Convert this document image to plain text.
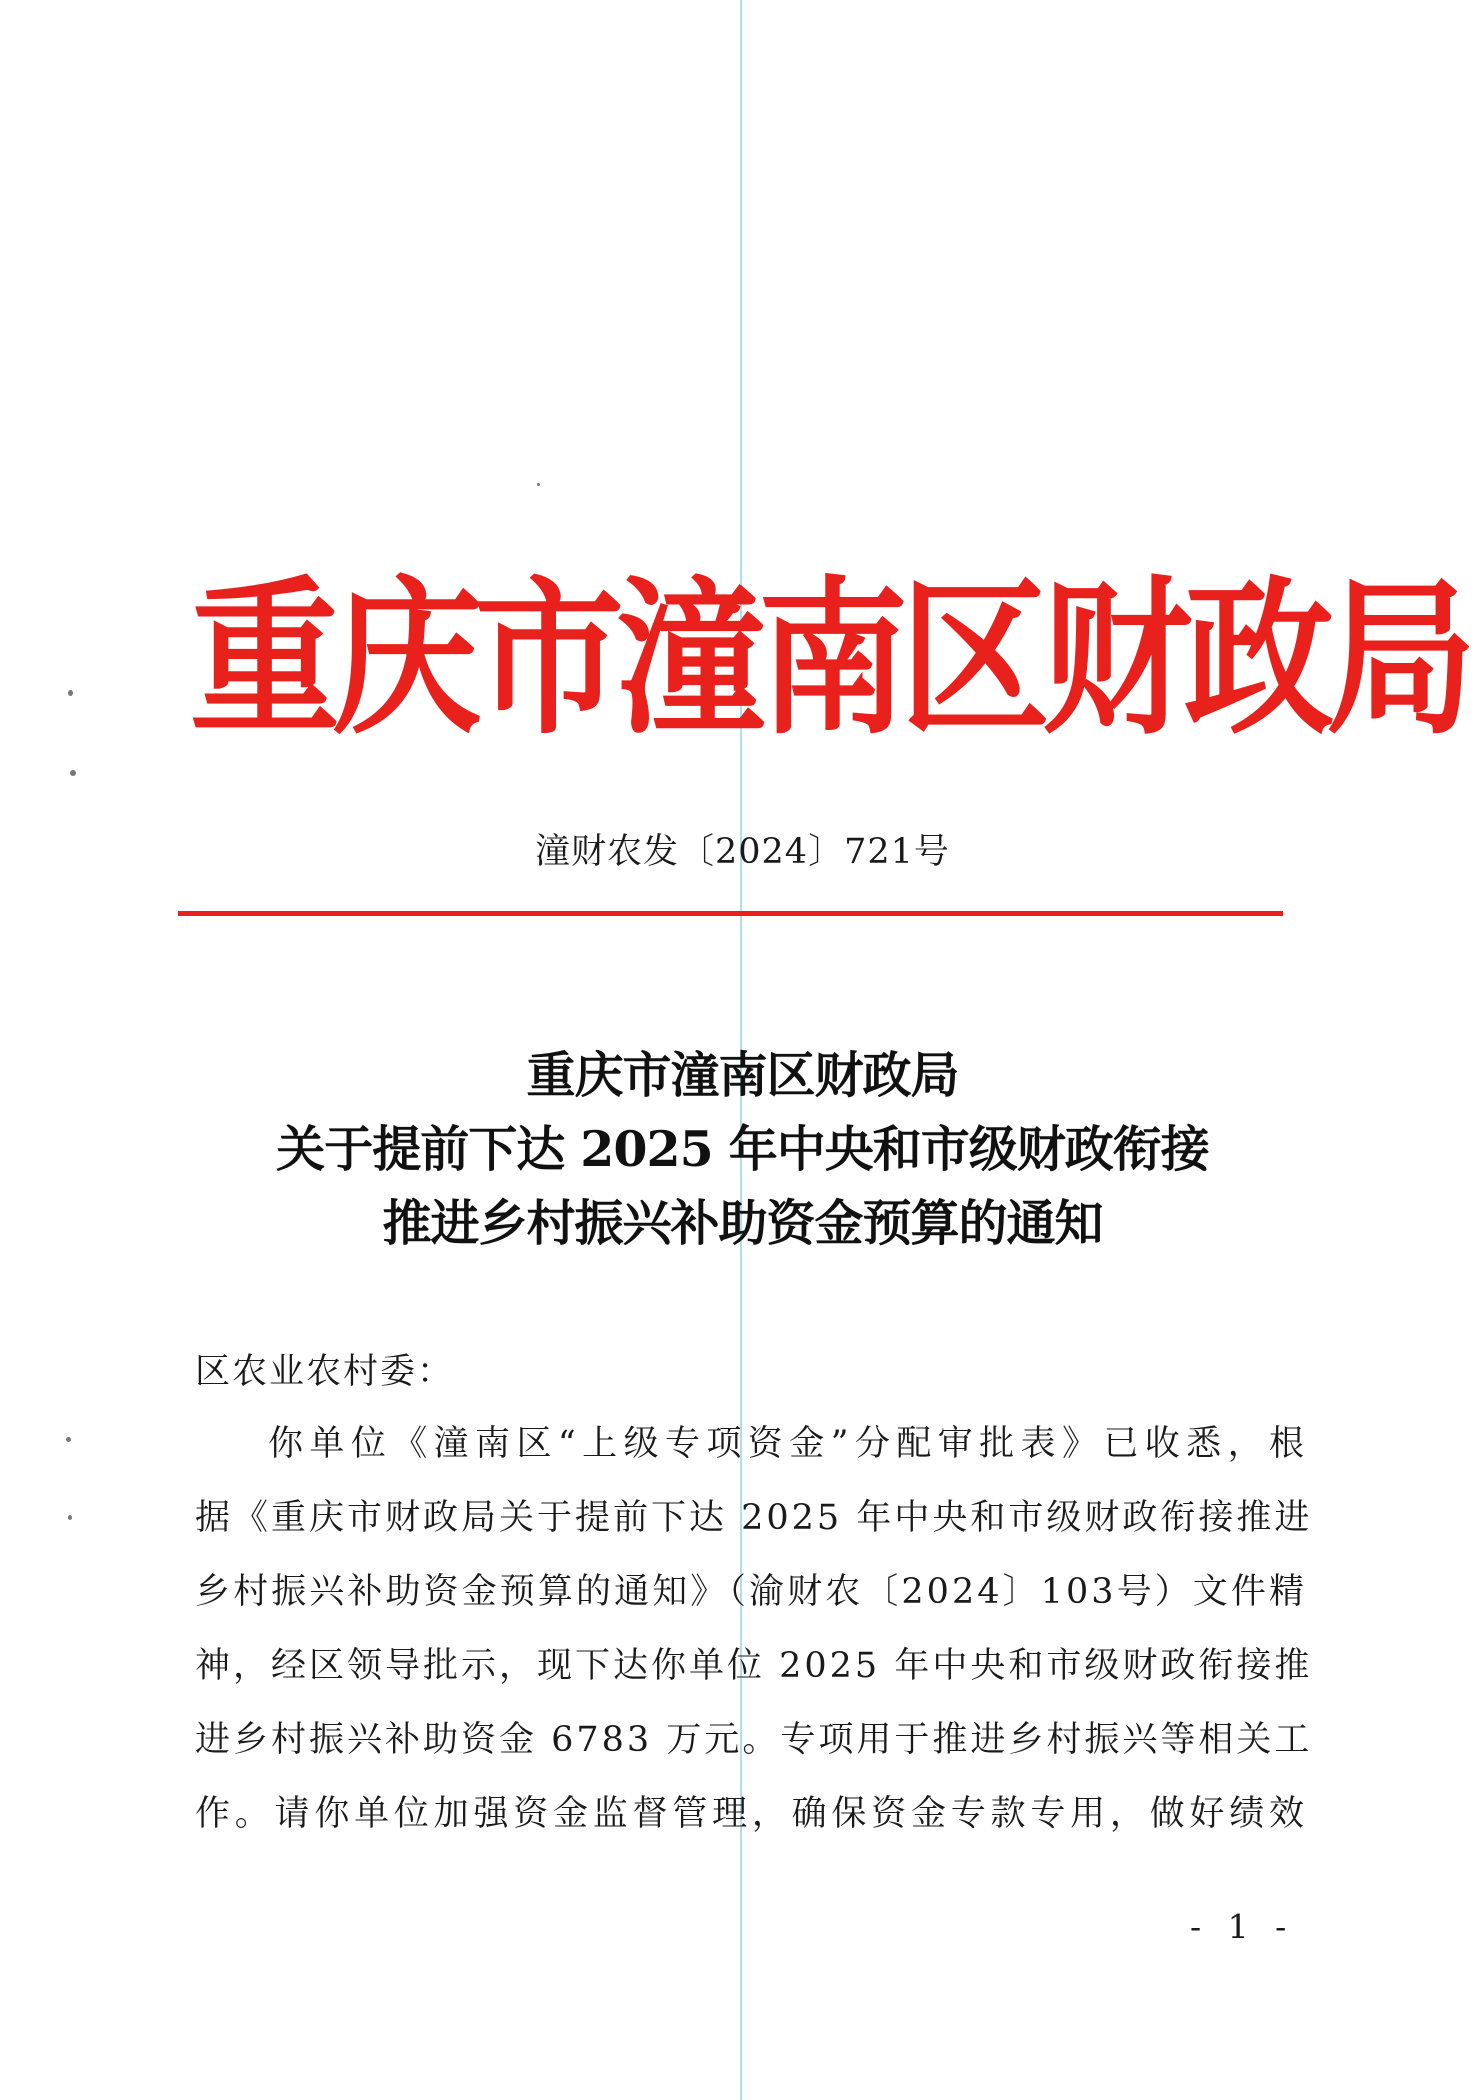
重庆市潼南区财政局
潼财农发〔2024〕721号
重庆市潼南区财政局
关于提前下达 2025 年中央和市级财政衔接
推进乡村振兴补助资金预算的通知
区农业农村委：
你单位《潼南区“上级专项资金”分配审批表》已收悉，根
据《重庆市财政局关于提前下达 2025 年中央和市级财政衔接推进
乡村振兴补助资金预算的通知》（渝财农〔2024〕103号）文件精
神，经区领导批示，现下达你单位 2025 年中央和市级财政衔接推
进乡村振兴补助资金 6783 万元。专项用于推进乡村振兴等相关工
作。请你单位加强资金监督管理，确保资金专款专用，做好绩效
- 1 -
